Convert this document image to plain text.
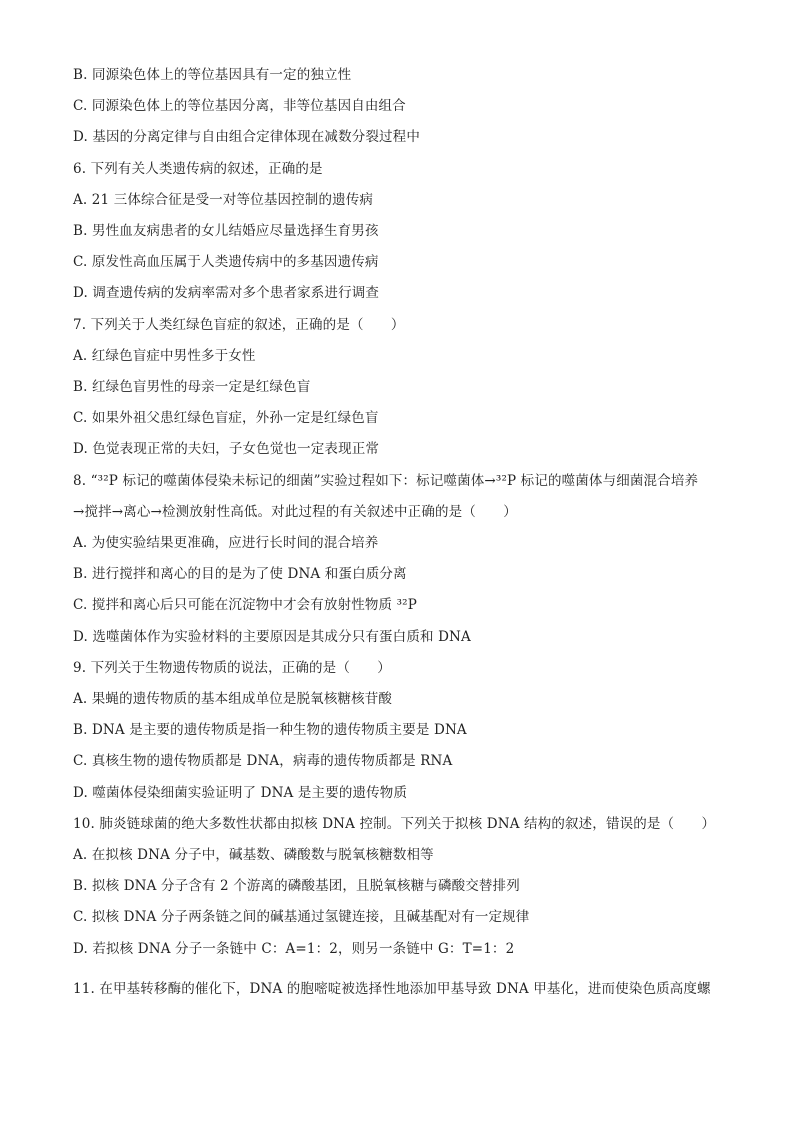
B. 同源染色体上的等位基因具有一定的独立性
C. 同源染色体上的等位基因分离，非等位基因自由组合
D. 基因的分离定律与自由组合定律体现在减数分裂过程中
6. 下列有关人类遗传病的叙述，正确的是
A. 21 三体综合征是受一对等位基因控制的遗传病
B. 男性血友病患者的女儿结婚应尽量选择生育男孩
C. 原发性高血压属于人类遗传病中的多基因遗传病
D. 调查遗传病的发病率需对多个患者家系进行调查
7. 下列关于人类红绿色盲症的叙述，正确的是（　　）
A. 红绿色盲症中男性多于女性
B. 红绿色盲男性的母亲一定是红绿色盲
C. 如果外祖父患红绿色盲症，外孙一定是红绿色盲
D. 色觉表现正常的夫妇，子女色觉也一定表现正常
8. “³²P 标记的噬菌体侵染未标记的细菌”实验过程如下：标记噬菌体→³²P 标记的噬菌体与细菌混合培养
→搅拌→离心→检测放射性高低。对此过程的有关叙述中正确的是（　　）
A. 为使实验结果更准确，应进行长时间的混合培养
B. 进行搅拌和离心的目的是为了使 DNA 和蛋白质分离
C. 搅拌和离心后只可能在沉淀物中才会有放射性物质 ³²P
D. 选噬菌体作为实验材料的主要原因是其成分只有蛋白质和 DNA
9. 下列关于生物遗传物质的说法，正确的是（　　）
A. 果蝇的遗传物质的基本组成单位是脱氧核糖核苷酸
B. DNA 是主要的遗传物质是指一种生物的遗传物质主要是 DNA
C. 真核生物的遗传物质都是 DNA，病毒的遗传物质都是 RNA
D. 噬菌体侵染细菌实验证明了 DNA 是主要的遗传物质
10. 肺炎链球菌的绝大多数性状都由拟核 DNA 控制。下列关于拟核 DNA 结构的叙述，错误的是（　　）
A. 在拟核 DNA 分子中，碱基数、磷酸数与脱氧核糖数相等
B. 拟核 DNA 分子含有 2 个游离的磷酸基团，且脱氧核糖与磷酸交替排列
C. 拟核 DNA 分子两条链之间的碱基通过氢键连接，且碱基配对有一定规律
D. 若拟核 DNA 分子一条链中 C：A=1：2，则另一条链中 G：T=1：2
11. 在甲基转移酶的催化下，DNA 的胞嘧啶被选择性地添加甲基导致 DNA 甲基化，进而使染色质高度螺
